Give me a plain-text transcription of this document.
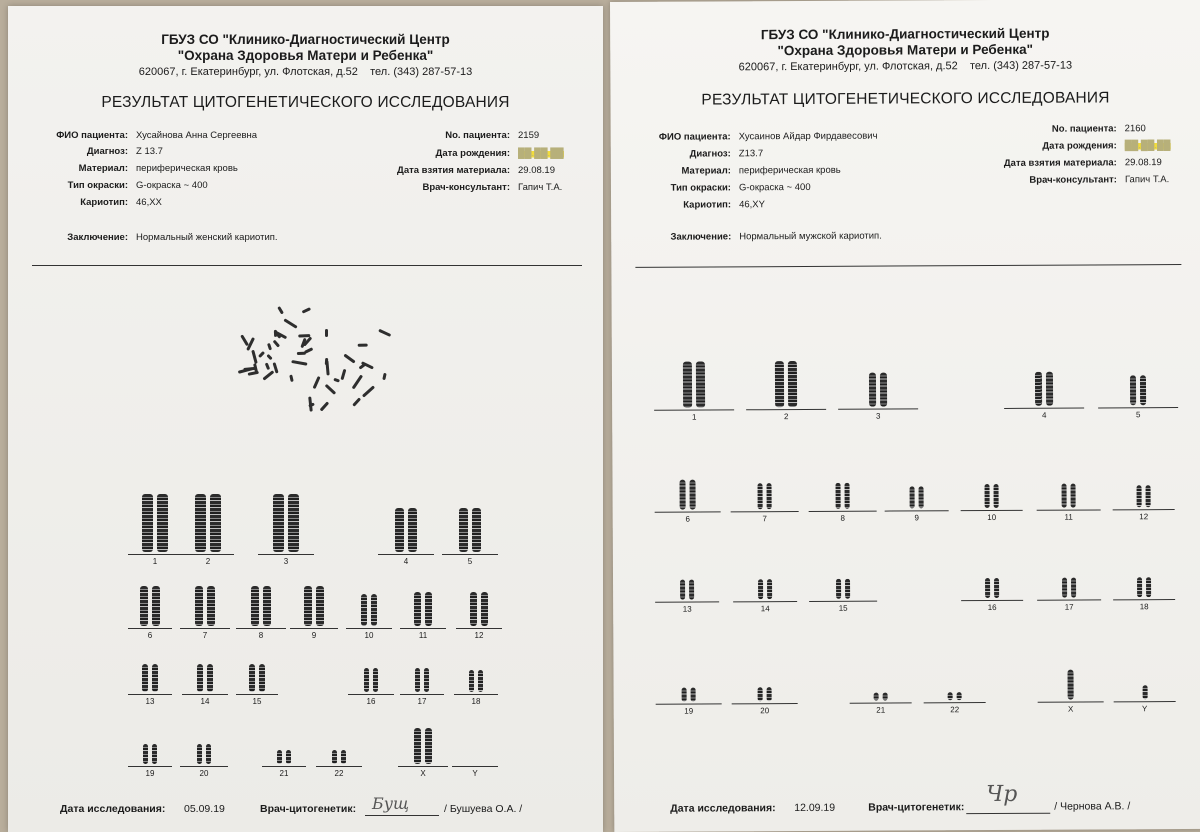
ГБУЗ СО "Клинико-Диагностический Центр
"Охрана Здоровья Матери и Ребенка"
620067, г. Екатеринбург, ул. Флотская, д.52 тел. (343) 287-57-13
РЕЗУЛЬТАТ ЦИТОГЕНЕТИЧЕСКОГО ИССЛЕДОВАНИЯ
ФИО пациента: Хусайнова Анна Сергеевна
Диагноз: Z 13.7
Материал: периферическая кровь
Тип окраски: G-окраска ~ 400
Кариотип: 46,XX
No. пациента: 2159
Дата рождения: ██.██.██
Дата взятия материала: 29.08.19
Врач-консультант: Гапич Т.А.
Заключение: Нормальный женский кариотип.
Дата исследования: 05.09.19	Врач-цитогенетик: Бущ	/ Бушуева О.А. /
1	2	3	4	5
6	7	8	9	10	11	12
13	14	15	16	17	18
19	20	21	22	X	Y
ГБУЗ СО "Клинико-Диагностический Центр
"Охрана Здоровья Матери и Ребенка"
620067, г. Екатеринбург, ул. Флотская, д.52 тел. (343) 287-57-13
РЕЗУЛЬТАТ ЦИТОГЕНЕТИЧЕСКОГО ИССЛЕДОВАНИЯ
ФИО пациента: Хусаинов Айдар Фирдавесович
Диагноз: Z13.7
Материал: периферическая кровь
Тип окраски: G-окраска ~ 400
Кариотип: 46,XY
No. пациента: 2160
Дата рождения: ██.██.██
Дата взятия материала: 29.08.19
Врач-консультант: Гапич Т.А.
Заключение: Нормальный мужской кариотип.
Дата исследования: 12.09.19	Врач-цитогенетик:
Чр	/ Чернова А.В. /
1	2	3	4	5
6	7	8	9	10	11	12
13	14	15	16	17	18
19	20	21	22	X	Y
